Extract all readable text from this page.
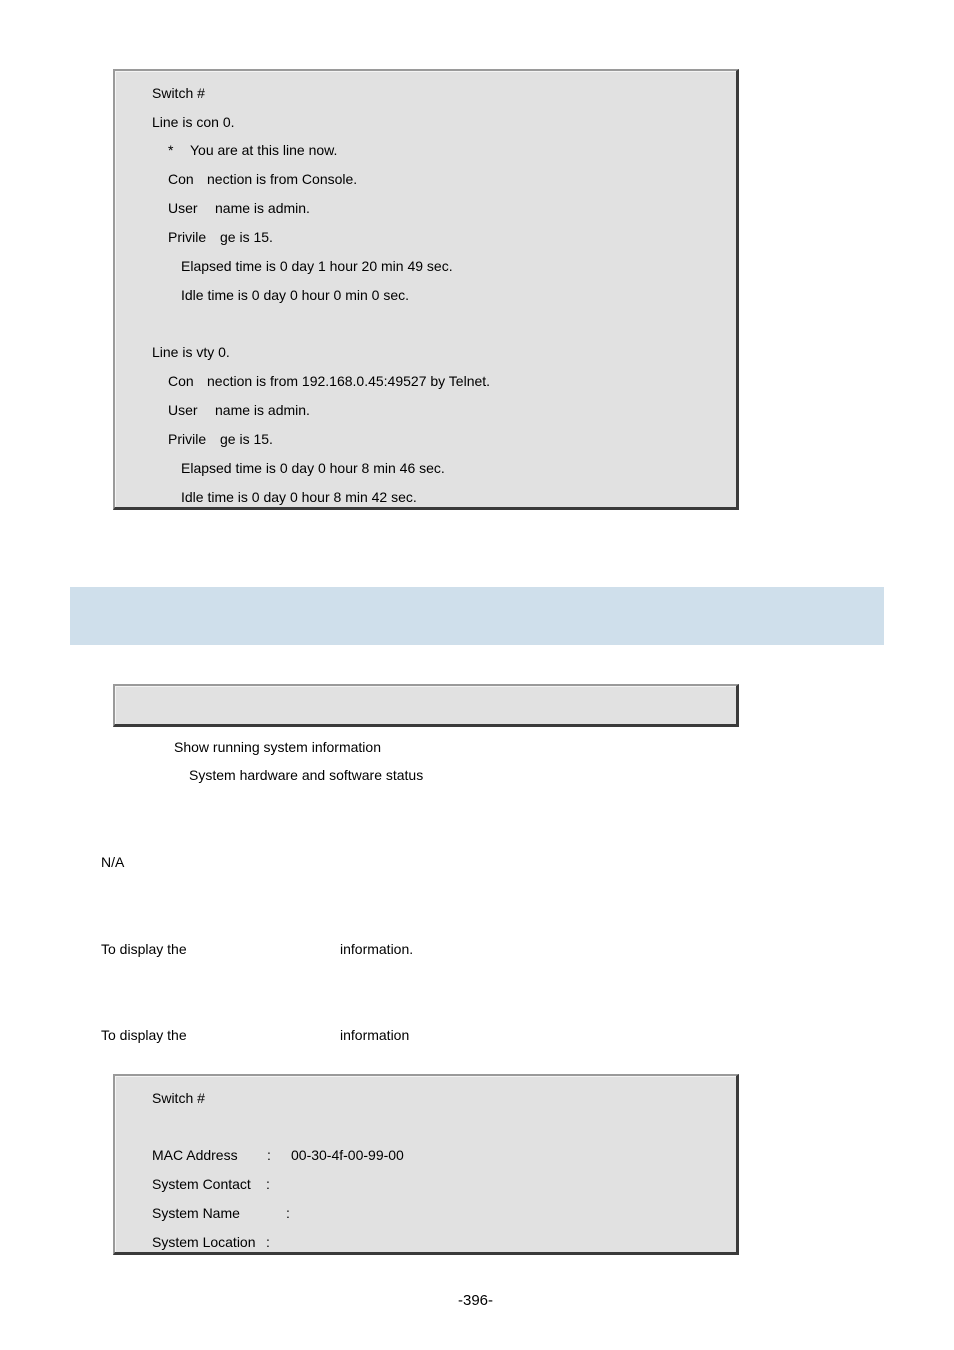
Switch #
Line is con 0.
* You are at this line now.
Con nection is from Console.
User name is admin.
Privile ge is 15.
Elapsed time is 0 day 1 hour 20 min 49 sec.
Idle time is 0 day 0 hour 0 min 0 sec.
Line is vty 0.
Con nection is from 192.168.0.45:49527 by Telnet.
User name is admin.
Privile ge is 15.
Elapsed time is 0 day 0 hour 8 min 46 sec.
Idle time is 0 day 0 hour 8 min 42 sec.
Show running system information
System hardware and software status
N/A
To display the	information.
To display the	information
Switch #
MAC Address : 00-30-4f-00-99-00
System Contact :
System Name	:
System Location :
-396-
